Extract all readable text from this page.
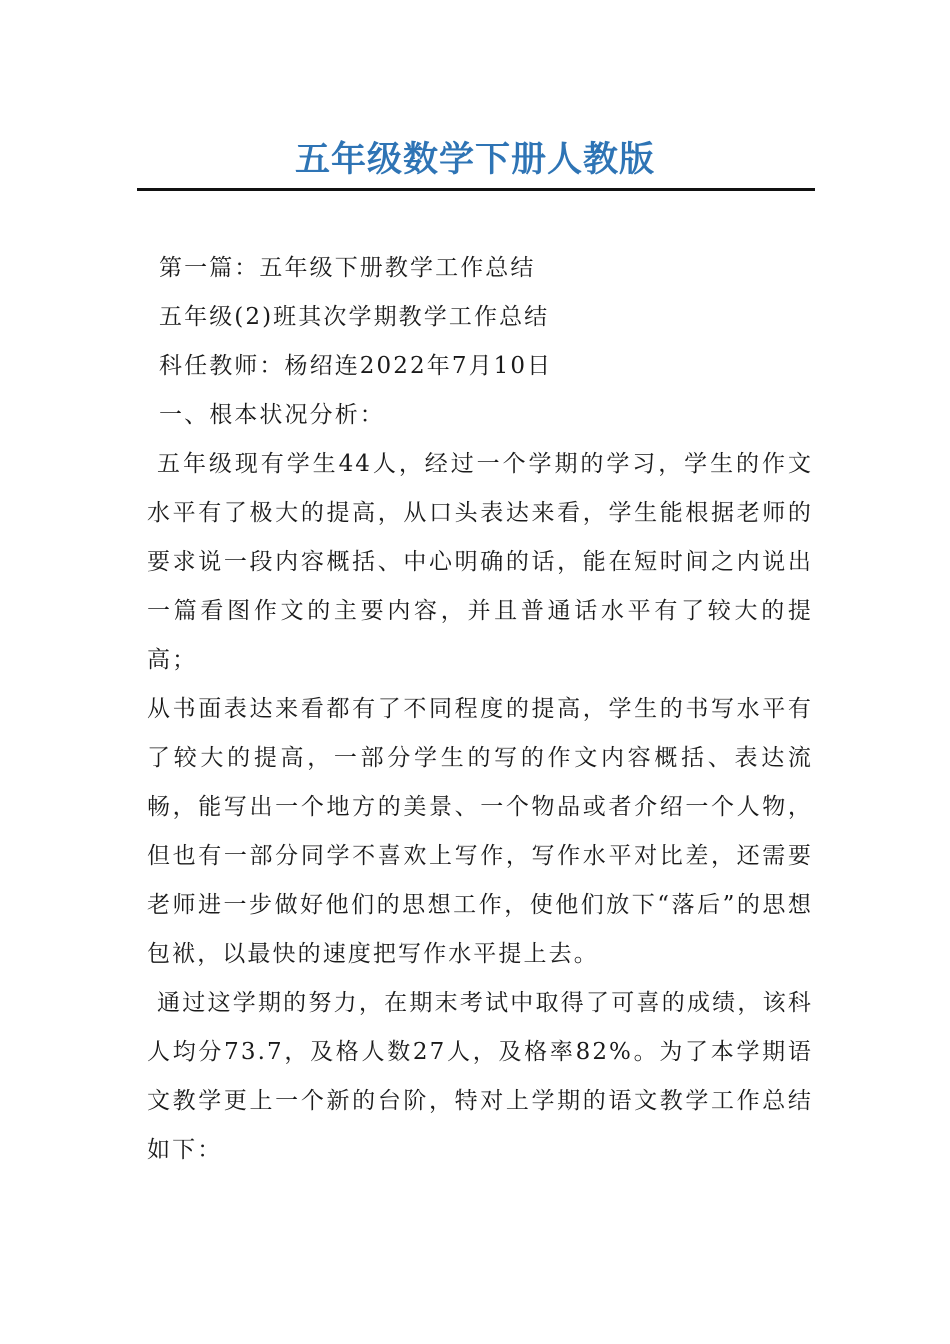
五年级数学下册人教版

第一篇：五年级下册教学工作总结

五年级(2)班其次学期教学工作总结

科任教师：杨绍连2022年7月10日

一、根本状况分析：

五年级现有学生44人，经过一个学期的学习，学生的作文水平有了极大的提高，从口头表达来看，学生能根据老师的要求说一段内容概括、中心明确的话，能在短时间之内说出一篇看图作文的主要内容，并且普通话水平有了较大的提高；

从书面表达来看都有了不同程度的提高，学生的书写水平有了较大的提高，一部分学生的写的作文内容概括、表达流畅，能写出一个地方的美景、一个物品或者介绍一个人物，但也有一部分同学不喜欢上写作，写作水平对比差，还需要老师进一步做好他们的思想工作，使他们放下“落后”的思想包袱，以最快的速度把写作水平提上去。

通过这学期的努力，在期末考试中取得了可喜的成绩，该科人均分73.7，及格人数27人，及格率82%。为了本学期语文教学更上一个新的台阶，特对上学期的语文教学工作总结如下：
